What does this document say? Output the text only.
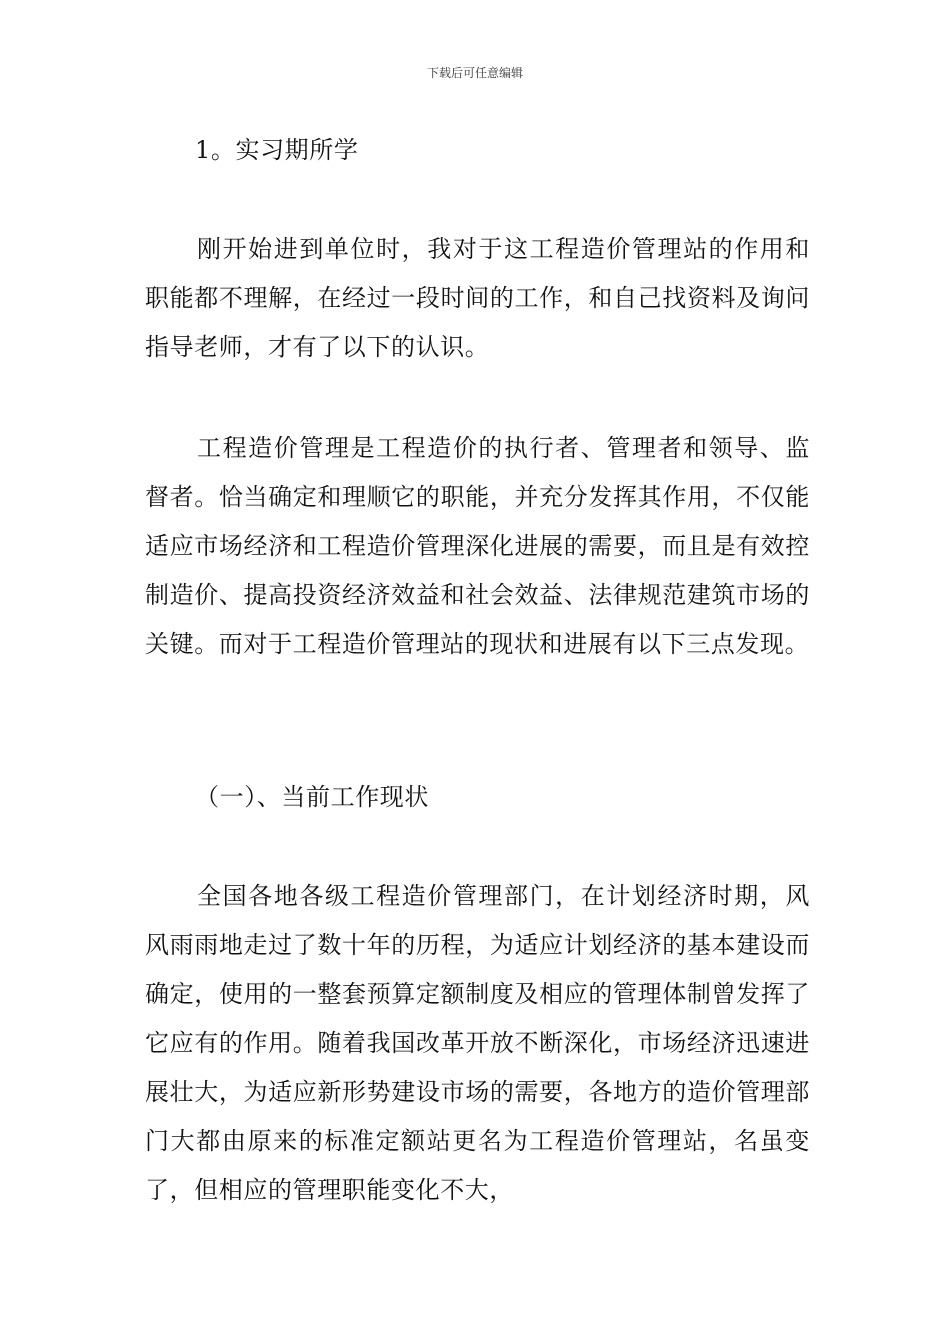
下载后可任意编辑

1。实习期所学

刚开始进到单位时，我对于这工程造价管理站的作用和职能都不理解，在经过一段时间的工作，和自己找资料及询问指导老师，才有了以下的认识。

工程造价管理是工程造价的执行者、管理者和领导、监督者。恰当确定和理顺它的职能，并充分发挥其作用，不仅能适应市场经济和工程造价管理深化进展的需要，而且是有效控制造价、提高投资经济效益和社会效益、法律规范建筑市场的关键。而对于工程造价管理站的现状和进展有以下三点发现。

（一）、当前工作现状

全国各地各级工程造价管理部门，在计划经济时期，风风雨雨地走过了数十年的历程，为适应计划经济的基本建设而确定，使用的一整套预算定额制度及相应的管理体制曾发挥了它应有的作用。随着我国改革开放不断深化，市场经济迅速进展壮大，为适应新形势建设市场的需要，各地方的造价管理部门大都由原来的标准定额站更名为工程造价管理站，名虽变了，但相应的管理职能变化不大，
